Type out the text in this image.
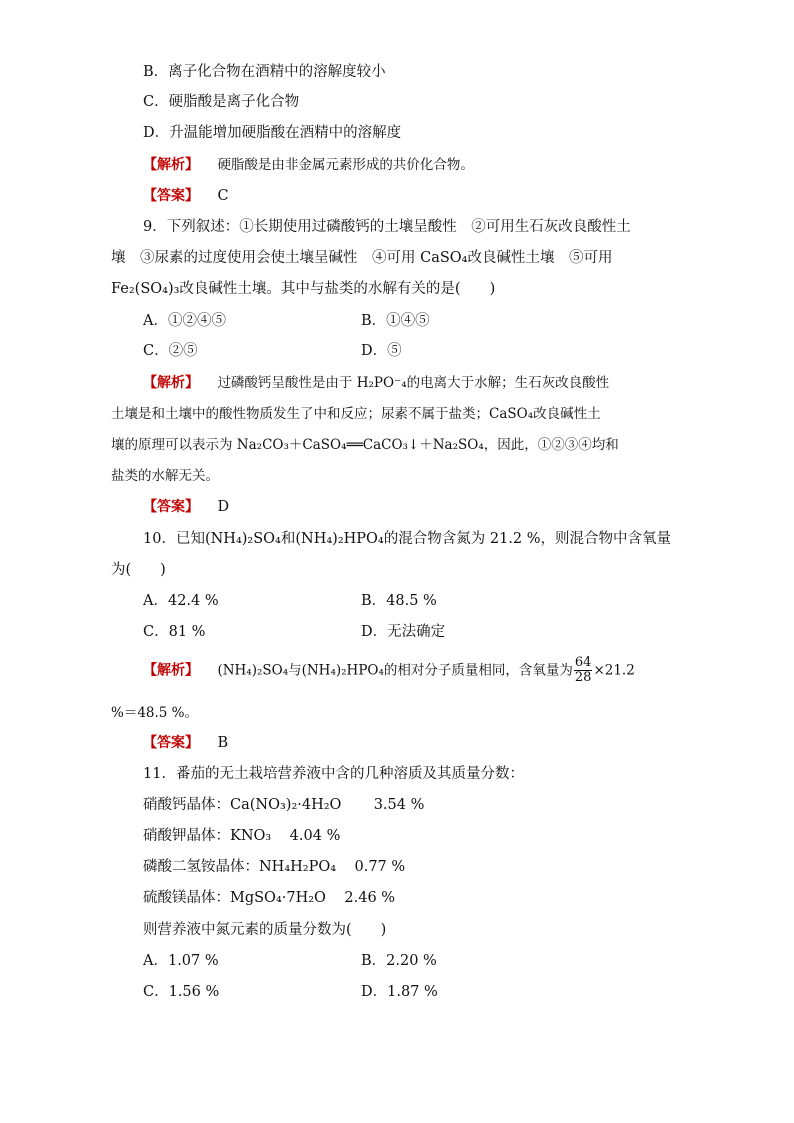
B．离子化合物在酒精中的溶解度较小
C．硬脂酸是离子化合物
D．升温能增加硬脂酸在酒精中的溶解度
【解析】 硬脂酸是由非金属元素形成的共价化合物。
【答案】 C
9．下列叙述：①长期使用过磷酸钙的土壤呈酸性　②可用生石灰改良酸性土
壤　③尿素的过度使用会使土壤呈碱性　④可用 CaSO₄改良碱性土壤　⑤可用
Fe₂(SO₄)₃改良碱性土壤。其中与盐类的水解有关的是(　　)
A．①②④⑤	B．①④⑤
C．②⑤	D．⑤
【解析】 过磷酸钙呈酸性是由于 H₂PO⁻₄的电离大于水解；生石灰改良酸性
土壤是和土壤中的酸性物质发生了中和反应；尿素不属于盐类；CaSO₄改良碱性土
壤的原理可以表示为 Na₂CO₃＋CaSO₄══CaCO₃↓＋Na₂SO₄，因此，①②③④均和
盐类的水解无关。
【答案】 D
10．已知(NH₄)₂SO₄和(NH₄)₂HPO₄的混合物含氮为 21.2 %，则混合物中含氧量
为(　　)
A．42.4 %	B．48.5 %
C．81 %	D．无法确定
【解析】 (NH₄)₂SO₄与(NH₄)₂HPO₄的相对分子质量相同，含氧量为 $\frac{64}{28} \times 21.2$
%＝48.5 %。
【答案】 B
11．番茄的无土栽培营养液中含的几种溶质及其质量分数：
硝酸钙晶体：Ca(NO₃)₂·4H₂O 3.54 %
硝酸钾晶体：KNO₃ 4.04 %
磷酸二氢铵晶体：NH₄H₂PO₄ 0.77 %
硫酸镁晶体：MgSO₄·7H₂O 2.46 %
则营养液中氮元素的质量分数为(　　)
A．1.07 %	B．2.20 %
C．1.56 %	D．1.87 %
